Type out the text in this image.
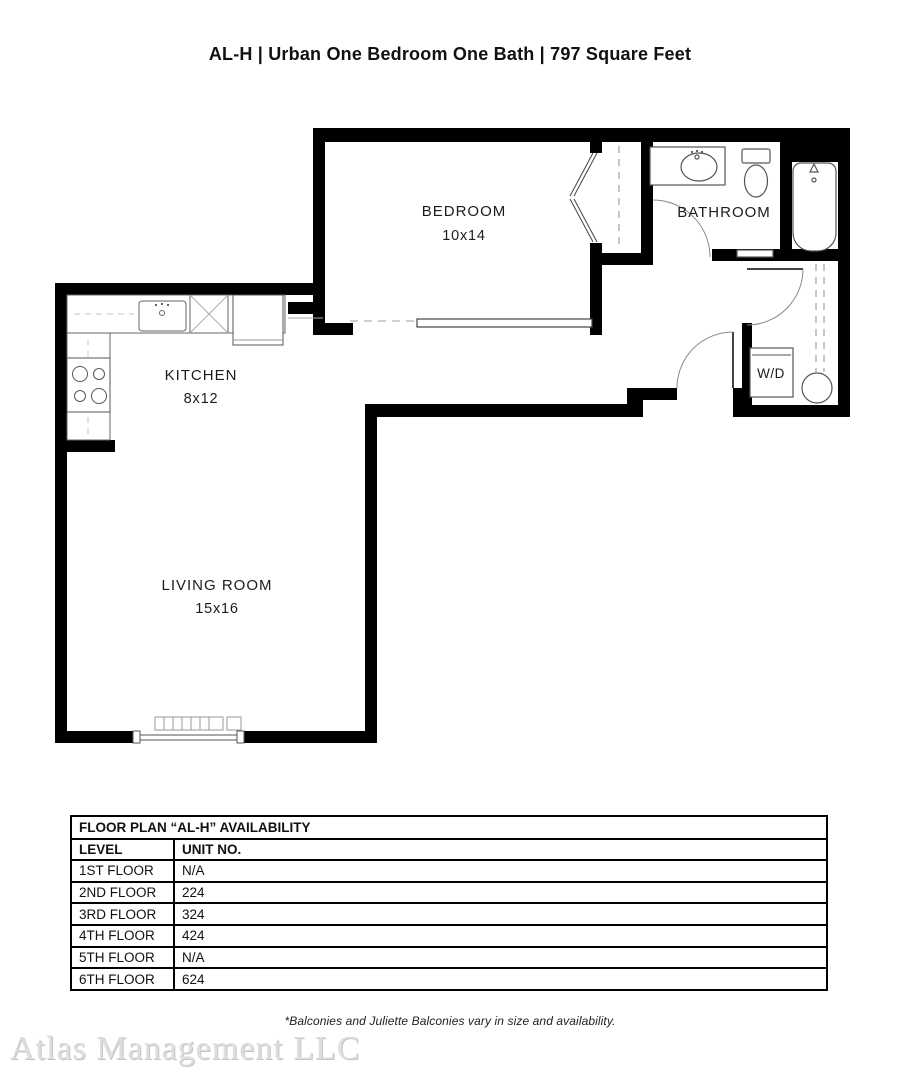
AL-H | Urban One Bedroom One Bath | 797 Square Feet
BEDROOM
10x14
BATHROOM
KITCHEN
8x12
LIVING ROOM
15x16
W/D
FLOOR PLAN “AL-H” AVAILABILITY
LEVEL	UNIT NO.
1ST FLOOR	N/A
2ND FLOOR	224
3RD FLOOR	324
4TH FLOOR	424
5TH FLOOR	N/A
6TH FLOOR	624
*Balconies and Juliette Balconies vary in size and availability.
Atlas Management LLC
